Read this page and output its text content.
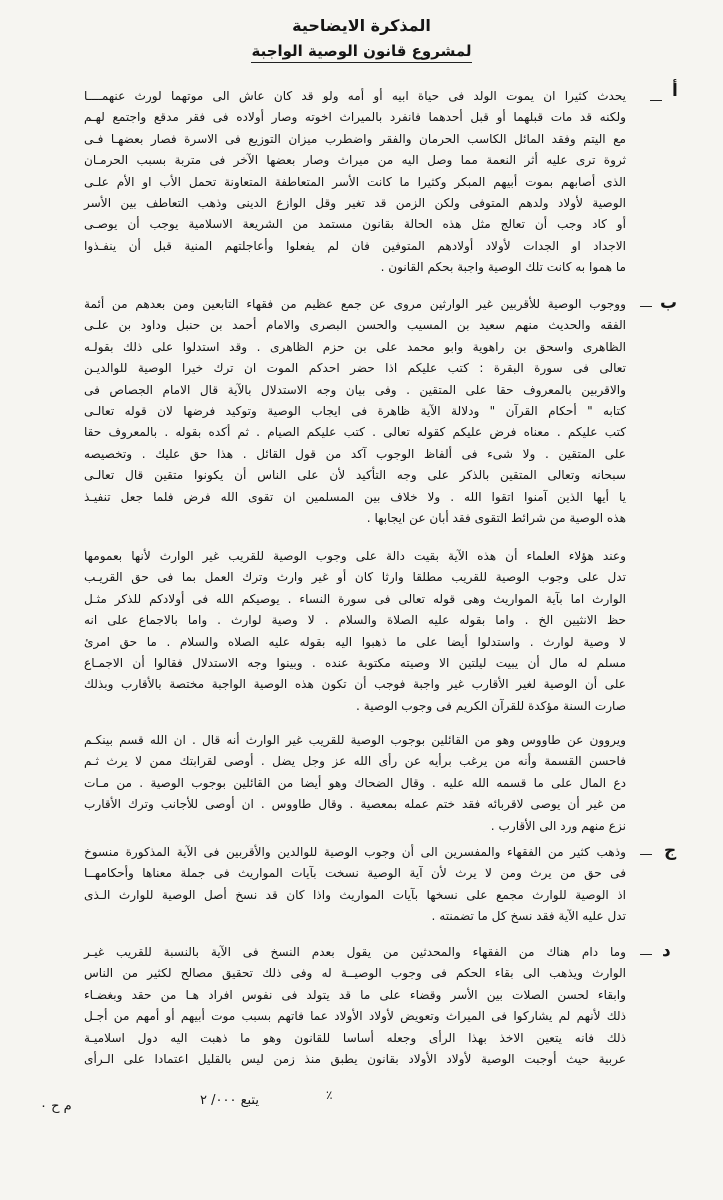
المذكرة الايضاحية
لمشروع قانون الوصية الواجبة
أ
يحدث كثيرا ان يموت الولد فى حياة ابيه أو أمه ولو قد كان عاش الى موتهما لورث عنهمــــا
ولكنه قد مات قبلهما أو قبل أحدهما فانفرد بالميراث اخوته وصار أولاده فى فقر مدقع واجتمع لهـم
مع اليتم وفقد المائل الكاسب الحرمان والفقر واضطرب ميزان التوزيع فى الاسرة فصار بعضهـا فـى
ثروة ترى عليه أثر النعمة مما وصل اليه من ميراث وصار بعضها الآخر فى متربة بسبب الحرمـان
الذى أصابهم بموت أبيهم المبكر وكثيرا ما كانت الأسر المتعاطفة المتعاونة تحمل الأب او الأم علـى
الوصية لأولاد ولدهم المتوفى ولكن الزمن قد تغير وقل الوازع الدينى وذهب التعاطف بين الأسر
أو كاد وجب أن تعالج مثل هذه الحالة بقانون مستمد من الشريعة الاسلامية يوجب أن يوصـى
الاجداد او الجدات لأولاد أولادهم المتوفين فان لم يفعلوا وأعاجلتهم المنية قبل أن ينفـذوا
ما هموا به كانت تلك الوصية واجبة بحكم القانون .
ب
ووجوب الوصية للأقربين غير الوارثين مروى عن جمع عظيم من فقهاء التابعين ومن بعدهم من أئمة
الفقه والحديث منهم سعيد بن المسيب والحسن البصرى والامام أحمد بن حنبل وداود بن علـى
الظاهرى واسحق بن راهوية وابو محمد على بن حزم الظاهرى . وقد استدلوا على ذلك بقولـه
تعالى فى سورة البقرة : كتب عليكم اذا حضر احدكم الموت ان ترك خيرا الوصية للوالديـن
والاقربين بالمعروف حقا على المتقين . وفى بيان وجه الاستدلال بالآية قال الامام الجصاص فى
كتابه " أحكام القرآن " ودلالة الآية ظاهرة فى ايجاب الوصية وتوكيد فرضها لان قوله تعالـى
كتب عليكم . معناه فرض عليكم كقوله تعالى . كتب عليكم الصيام . ثم أكده بقوله . بالمعروف حقا
على المتقين . ولا شىء فى ألفاظ الوجوب آكد من قول القائل . هذا حق عليك . وتخصيصه
سبحانه وتعالى المتقين بالذكر على وجه التأكيد لأن على الناس أن يكونوا متقين قال تعالـى
يا أيها الذين آمنوا اتقوا الله . ولا خلاف بين المسلمين ان تقوى الله فرض فلما جعل تنفيـذ
هذه الوصية من شرائط التقوى فقد أبان عن ايجابها .
وعند هؤلاء العلماء أن هذه الآية بقيت دالة على وجوب الوصية للقريب غير الوارث لأنها بعمومها
تدل على وجوب الوصية للقريب مطلقا وارثا كان أو غير وارث وترك العمل بما فى حق القريـب
الوارث اما بآية المواريث وهى قوله تعالى فى سورة النساء . يوصيكم الله فى أولادكم للذكر مثـل
حظ الانثيين الخ . واما بقوله عليه الصلاة والسلام . لا وصية لوارث . واما بالاجماع على انه
لا وصية لوارث . واستدلوا أيضا على ما ذهبوا اليه بقوله عليه الصلاه والسلام . ما حق امرئ
مسلم له مال أن يبيت ليلتين الا وصيته مكتوبة عنده . وبينوا وجه الاستدلال فقالوا أن الاجمـاع
على أن الوصية لغير الأقارب غير واجبة فوجب أن تكون هذه الوصية الواجبة مختصة بالأقارب وبذلك
صارت السنة مؤكدة للقرآن الكريم فى وجوب الوصية .
ويروون عن طاووس وهو من القائلين بوجوب الوصية للقريب غير الوارث أنه قال . ان الله قسم بينكـم
فاحسن القسمة وأنه من يرغب برأيه عن رأى الله عز وجل يضل . أوصى لقرابتك ممن لا يرث ثـم
دع المال على ما قسمه الله عليه . وقال الضحاك وهو أيضا من القائلين بوجوب الوصية . من مـات
من غير أن يوصى لاقربائه فقد ختم عمله بمعصية . وقال طاووس . ان أوصى للأجانب وترك الأقارب
نزع منهم ورد الى الأقارب .
ج
وذهب كثير من الفقهاء والمفسرين الى أن وجوب الوصية للوالدين والأقربين فى الآية المذكورة منسوخ
فى حق من يرث ومن لا يرث لأن آية الوصية نسخت بآيات المواريث فى جملة معناها وأحكامهــا
اذ الوصية للوارث مجمع على نسخها بآيات المواريث واذا كان قد نسخ أصل الوصية للوارث الـذى
تدل عليه الآية فقد نسخ كل ما تضمنته .
د
وما دام هناك من الفقهاء والمحدثين من يقول بعدم النسخ فى الآية بالنسبة للقريب غيـر
الوارث ويذهب الى بقاء الحكم فى وجوب الوصيــة له وفى ذلك تحقيق مصالح لكثير من الناس
وابقاء لحسن الصلات بين الأسر وقضاء على ما قد يتولد فى نفوس افراد هـا من حقد وبغضـاء
ذلك لأنهم لم يشاركوا فى الميراث وتعويض لأولاد الأولاد عما فاتهم بسبب موت أبيهم أو أمهم من أجـل
ذلك فانه يتعين الاخذ بهذا الرأى وجعله أساسا للقانون وهو ما ذهبت اليه دول اسلاميـة
عربية حيث أوجبت الوصية لأولاد الأولاد بقانون يطبق منذ زمن ليس بالقليل اعتمادا على الـرأى
٪
يتبع ۰۰۰/ ۲
م ح ۰
